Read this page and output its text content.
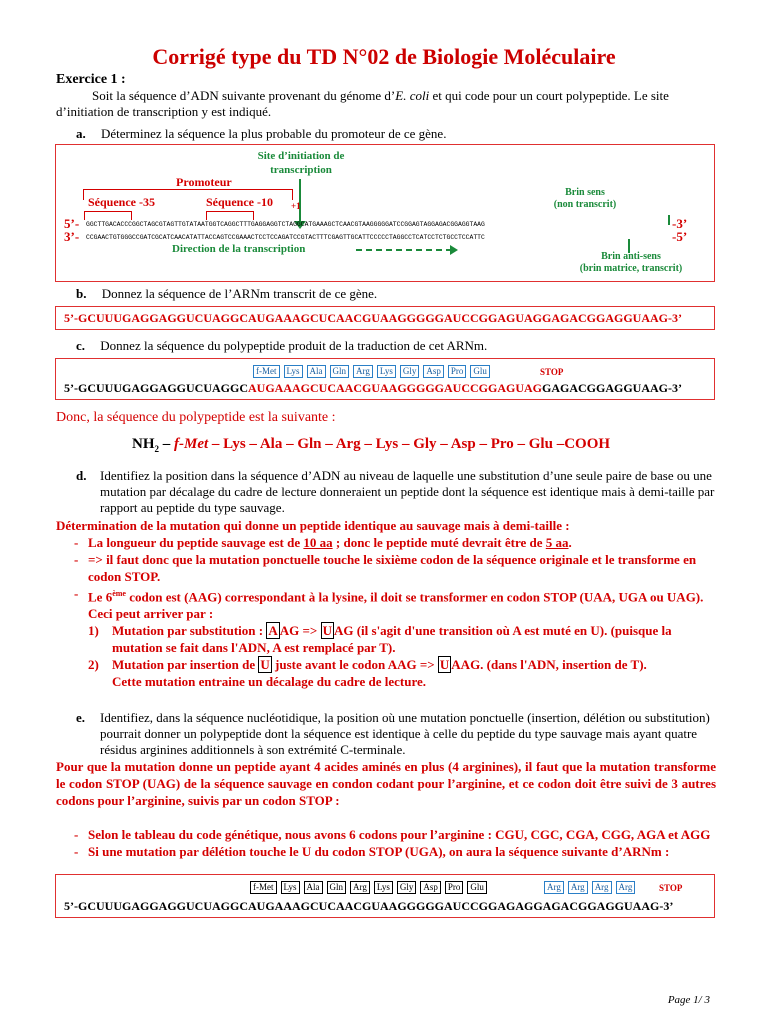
Corrigé type du TD N°02 de Biologie Moléculaire
Exercice 1 :
Soit la séquence d’ADN suivante provenant du génome d’E. coli et qui code pour un court polypeptide. Le site d’initiation de transcription y est indiqué.
a. Déterminez la séquence la plus probable du promoteur de ce gène.
Site d’initiation de transcription
+1
Promoteur
Séquence -35	Séquence -10
Brin sens
(non transcrit)
5’- GGCTTGACACCCGGCTAGCGTAGTTGTATAATGGTCAGGCTTTGAGGAGGTCTAGGCATGAAAGCTCAACGTAAGGGGGATCCGGAGTAGGAGACGGAGGTAAG	-3’
3’- CCGAACTGTGGGCCGATCGCATCAACATATTACCAGTCCGAAACTCCTCCAGATCCGTACTTTCGAGTTGCATTCCCCCTAGGCCTCATCCTCTGCCTCCATTC	-5’
Direction de la transcription
Brin anti-sens
(brin matrice, transcrit)
b. Donnez la séquence de l’ARNm transcrit de ce gène.
5’-GCUUUGAGGAGGUCUAGGCAUGAAAGCUCAACGUAAGGGGGAUCCGGAGUAGGAGACGGAGGUAAG-3’
c. Donnez la séquence du polypeptide produit de la traduction de cet ARNm.
f-Met Lys Ala Gln Arg Lys Gly Asp Pro Glu	STOP
5’-GCUUUGAGGAGGUCUAGGCAUGAAAGCUCAACGUAAGGGGGAUCCGGAGUAGGAGACGGAGGUAAG-3’
Donc, la séquence du polypeptide est la suivante :
$NH_2 - f-Met$ – Lys – Ala – Gln – Arg – Lys – Gly – Asp – Pro – Glu –COOH
d. Identifiez la position dans la séquence d’ADN au niveau de laquelle une substitution d’une seule paire de base ou une mutation par décalage du cadre de lecture donneraient un peptide dont la séquence est identique mais à demi-taille par rapport au peptide du type sauvage.
Détermination de la mutation qui donne un peptide identique au sauvage mais à demi-taille :
- La longueur du peptide sauvage est de 10 aa ; donc le peptide muté devrait être de 5 aa.
- => il faut donc que la mutation ponctuelle touche le sixième codon de la séquence originale et le transforme en codon STOP.
- Le 6ème codon est (AAG) correspondant à la lysine, il doit se transformer en codon STOP (UAA, UGA ou UAG). Ceci peut arriver par :
1) Mutation par substitution : A AG => U AG (il s'agit d'une transition où A est muté en U). (puisque la mutation se fait dans l'ADN, A est remplacé par T).
2) Mutation par insertion de U juste avant le codon AAG => U AAG. (dans l'ADN, insertion de T).
Cette mutation entraine un décalage du cadre de lecture.
e. Identifiez, dans la séquence nucléotidique, la position où une mutation ponctuelle (insertion, délétion ou substitution) pourrait donner un polypeptide dont la séquence est identique à celle du peptide du type sauvage mais ayant quatre résidus arginines additionnels à son extrémité C-terminale.
Pour que la mutation donne un peptide ayant 4 acides aminés en plus (4 arginines), il faut que la mutation transforme le codon STOP (UAG) de la séquence sauvage en condon codant pour l’arginine, et ce codon doit être suivi de 3 autres codons pour l’arginine, suivis par un codon STOP :
- Selon le tableau du code génétique, nous avons 6 codons pour l’arginine : CGU, CGC, CGA, CGG, AGA et AGG
- Si une mutation par délétion touche le U du codon STOP (UGA), on aura la séquence suivante d’ARNm :
f-Met Lys Ala Gln Arg Lys Gly Asp Pro Glu	Arg Arg Arg Arg	STOP
5’-GCUUUGAGGAGGUCUAGGCAUGAAAGCUCAACGUAAGGGGGAUCCGGAGAGGAGACGGAGGUAAG-3’
Page 1/ 3
